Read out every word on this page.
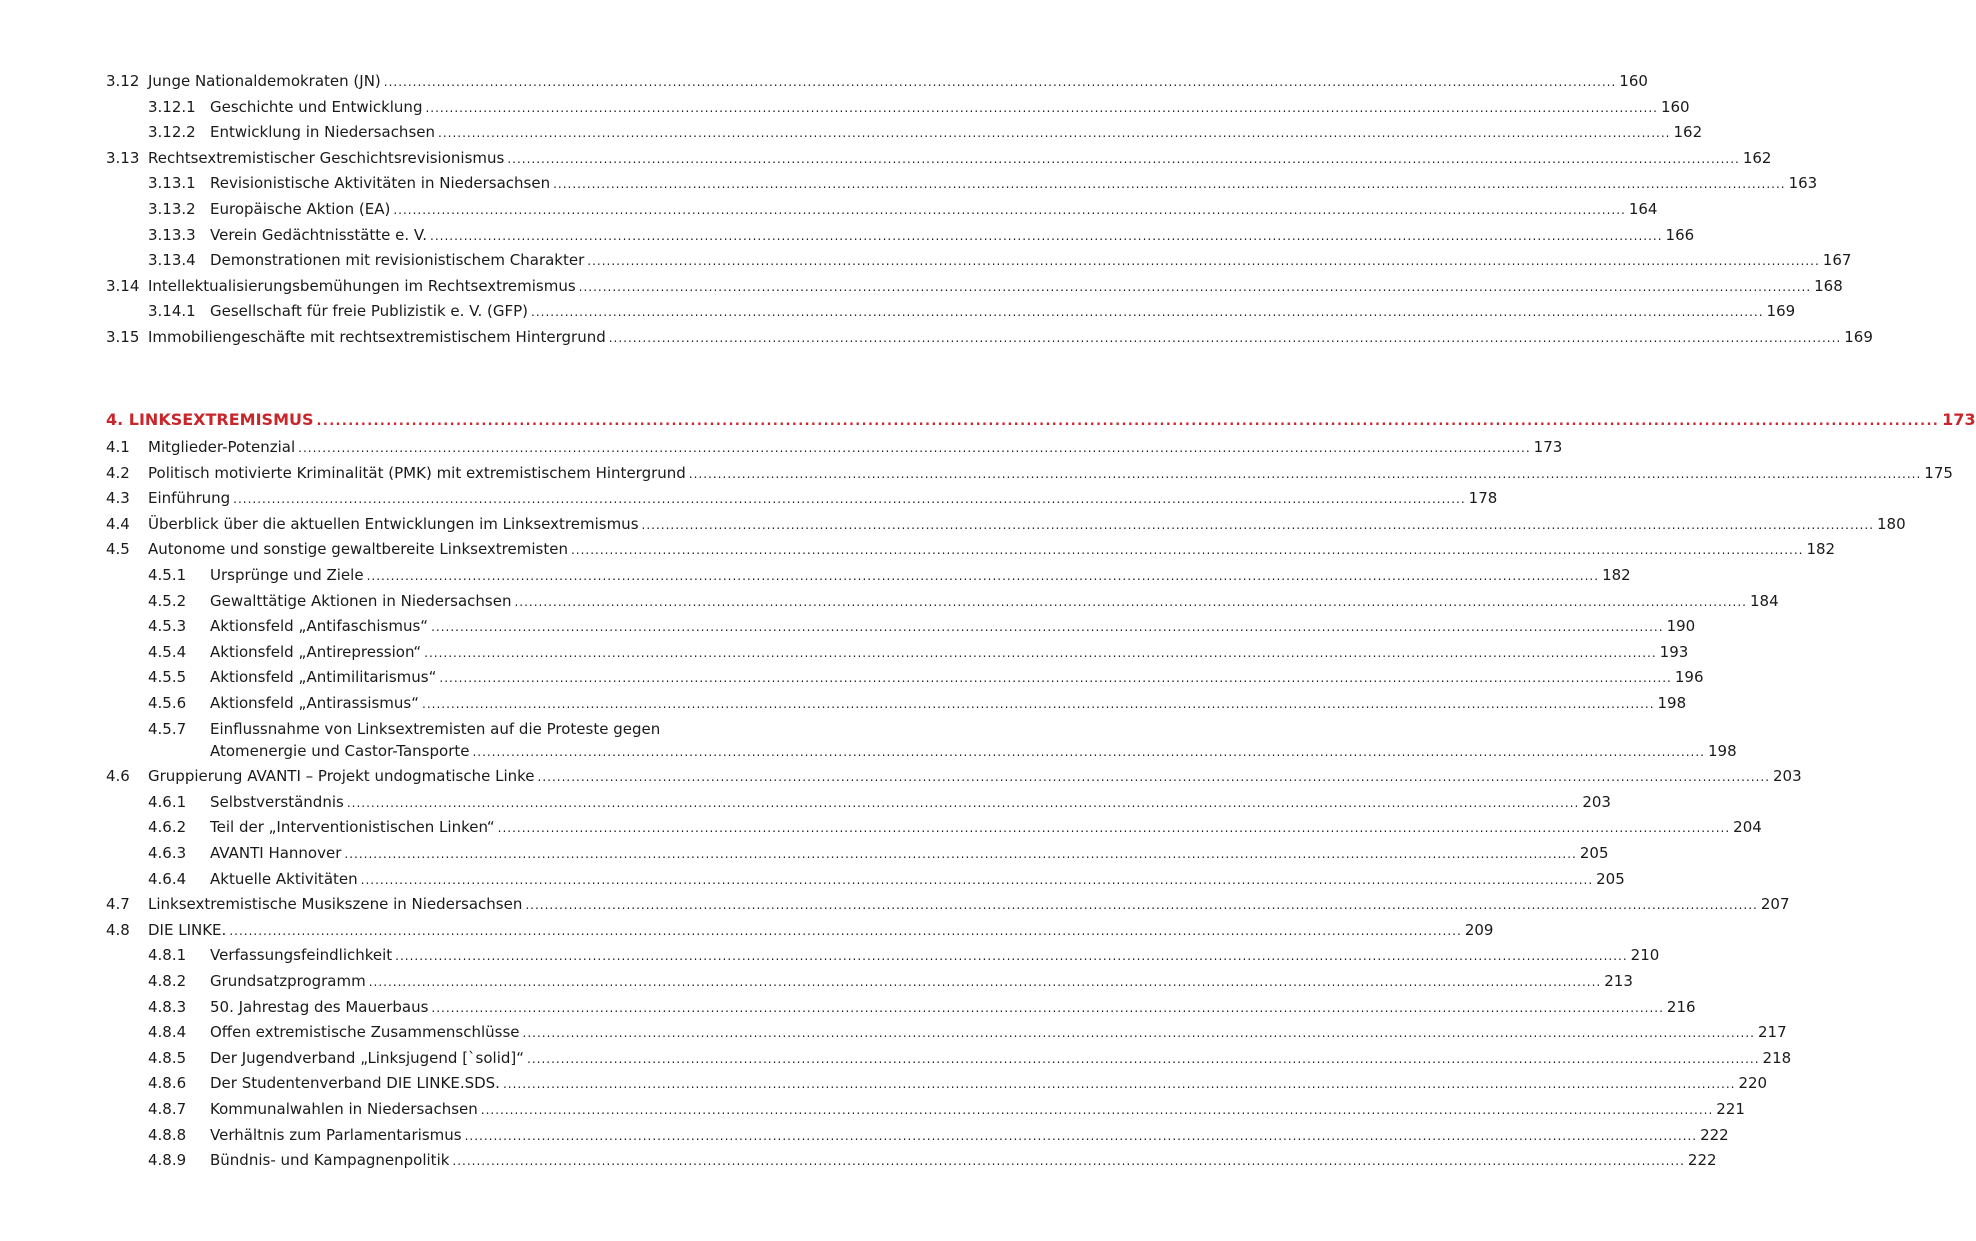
3.12 Junge Nationaldemokraten (JN) ................................................................................................................................................................................................................................................................ 160
3.12.1 Geschichte und Entwicklung ................................................................................................................................................................................................................................................................ 160
3.12.2 Entwicklung in Niedersachsen ................................................................................................................................................................................................................................................................ 162
3.13 Rechtsextremistischer Geschichtsrevisionismus ................................................................................................................................................................................................................................................................ 162
3.13.1 Revisionistische Aktivitäten in Niedersachsen ................................................................................................................................................................................................................................................................ 163
3.13.2 Europäische Aktion (EA) ................................................................................................................................................................................................................................................................ 164
3.13.3 Verein Gedächtnisstätte e. V. ................................................................................................................................................................................................................................................................ 166
3.13.4 Demonstrationen mit revisionistischem Charakter ................................................................................................................................................................................................................................................................ 167
3.14 Intellektualisierungsbemühungen im Rechtsextremismus ................................................................................................................................................................................................................................................................ 168
3.14.1 Gesellschaft für freie Publizistik e. V. (GFP) ................................................................................................................................................................................................................................................................ 169
3.15 Immobiliengeschäfte mit rechtsextremistischem Hintergrund ................................................................................................................................................................................................................................................................ 169
4. LINKSEXTREMISMUS ................................................................................................................................................................................................................................................................ 173
4.1 Mitglieder-Potenzial ................................................................................................................................................................................................................................................................ 173
4.2 Politisch motivierte Kriminalität (PMK) mit extremistischem Hintergrund ................................................................................................................................................................................................................................................................ 175
4.3 Einführung ................................................................................................................................................................................................................................................................ 178
4.4 Überblick über die aktuellen Entwicklungen im Linksextremismus ................................................................................................................................................................................................................................................................ 180
4.5 Autonome und sonstige gewaltbereite Linksextremisten ................................................................................................................................................................................................................................................................ 182
4.5.1 Ursprünge und Ziele ................................................................................................................................................................................................................................................................ 182
4.5.2 Gewalttätige Aktionen in Niedersachsen ................................................................................................................................................................................................................................................................ 184
4.5.3 Aktionsfeld „Antifaschismus“ ................................................................................................................................................................................................................................................................ 190
4.5.4 Aktionsfeld „Antirepression“ ................................................................................................................................................................................................................................................................ 193
4.5.5 Aktionsfeld „Antimilitarismus“ ................................................................................................................................................................................................................................................................ 196
4.5.6 Aktionsfeld „Antirassismus“ ................................................................................................................................................................................................................................................................ 198
4.5.7 Einflussnahme von Linksextremisten auf die Proteste gegen
Atomenergie und Castor-Tansporte ................................................................................................................................................................................................................................................................ 198
4.6 Gruppierung AVANTI – Projekt undogmatische Linke ................................................................................................................................................................................................................................................................ 203
4.6.1 Selbstverständnis ................................................................................................................................................................................................................................................................ 203
4.6.2 Teil der „Interventionistischen Linken“ ................................................................................................................................................................................................................................................................ 204
4.6.3 AVANTI Hannover ................................................................................................................................................................................................................................................................ 205
4.6.4 Aktuelle Aktivitäten ................................................................................................................................................................................................................................................................ 205
4.7 Linksextremistische Musikszene in Niedersachsen ................................................................................................................................................................................................................................................................ 207
4.8 DIE LINKE. ................................................................................................................................................................................................................................................................ 209
4.8.1 Verfassungsfeindlichkeit ................................................................................................................................................................................................................................................................ 210
4.8.2 Grundsatzprogramm ................................................................................................................................................................................................................................................................ 213
4.8.3 50. Jahrestag des Mauerbaus ................................................................................................................................................................................................................................................................ 216
4.8.4 Offen extremistische Zusammenschlüsse ................................................................................................................................................................................................................................................................ 217
4.8.5 Der Jugendverband „Linksjugend [`solid]“ ................................................................................................................................................................................................................................................................ 218
4.8.6 Der Studentenverband DIE LINKE.SDS. ................................................................................................................................................................................................................................................................ 220
4.8.7 Kommunalwahlen in Niedersachsen ................................................................................................................................................................................................................................................................ 221
4.8.8 Verhältnis zum Parlamentarismus ................................................................................................................................................................................................................................................................ 222
4.8.9 Bündnis- und Kampagnenpolitik ................................................................................................................................................................................................................................................................ 222
